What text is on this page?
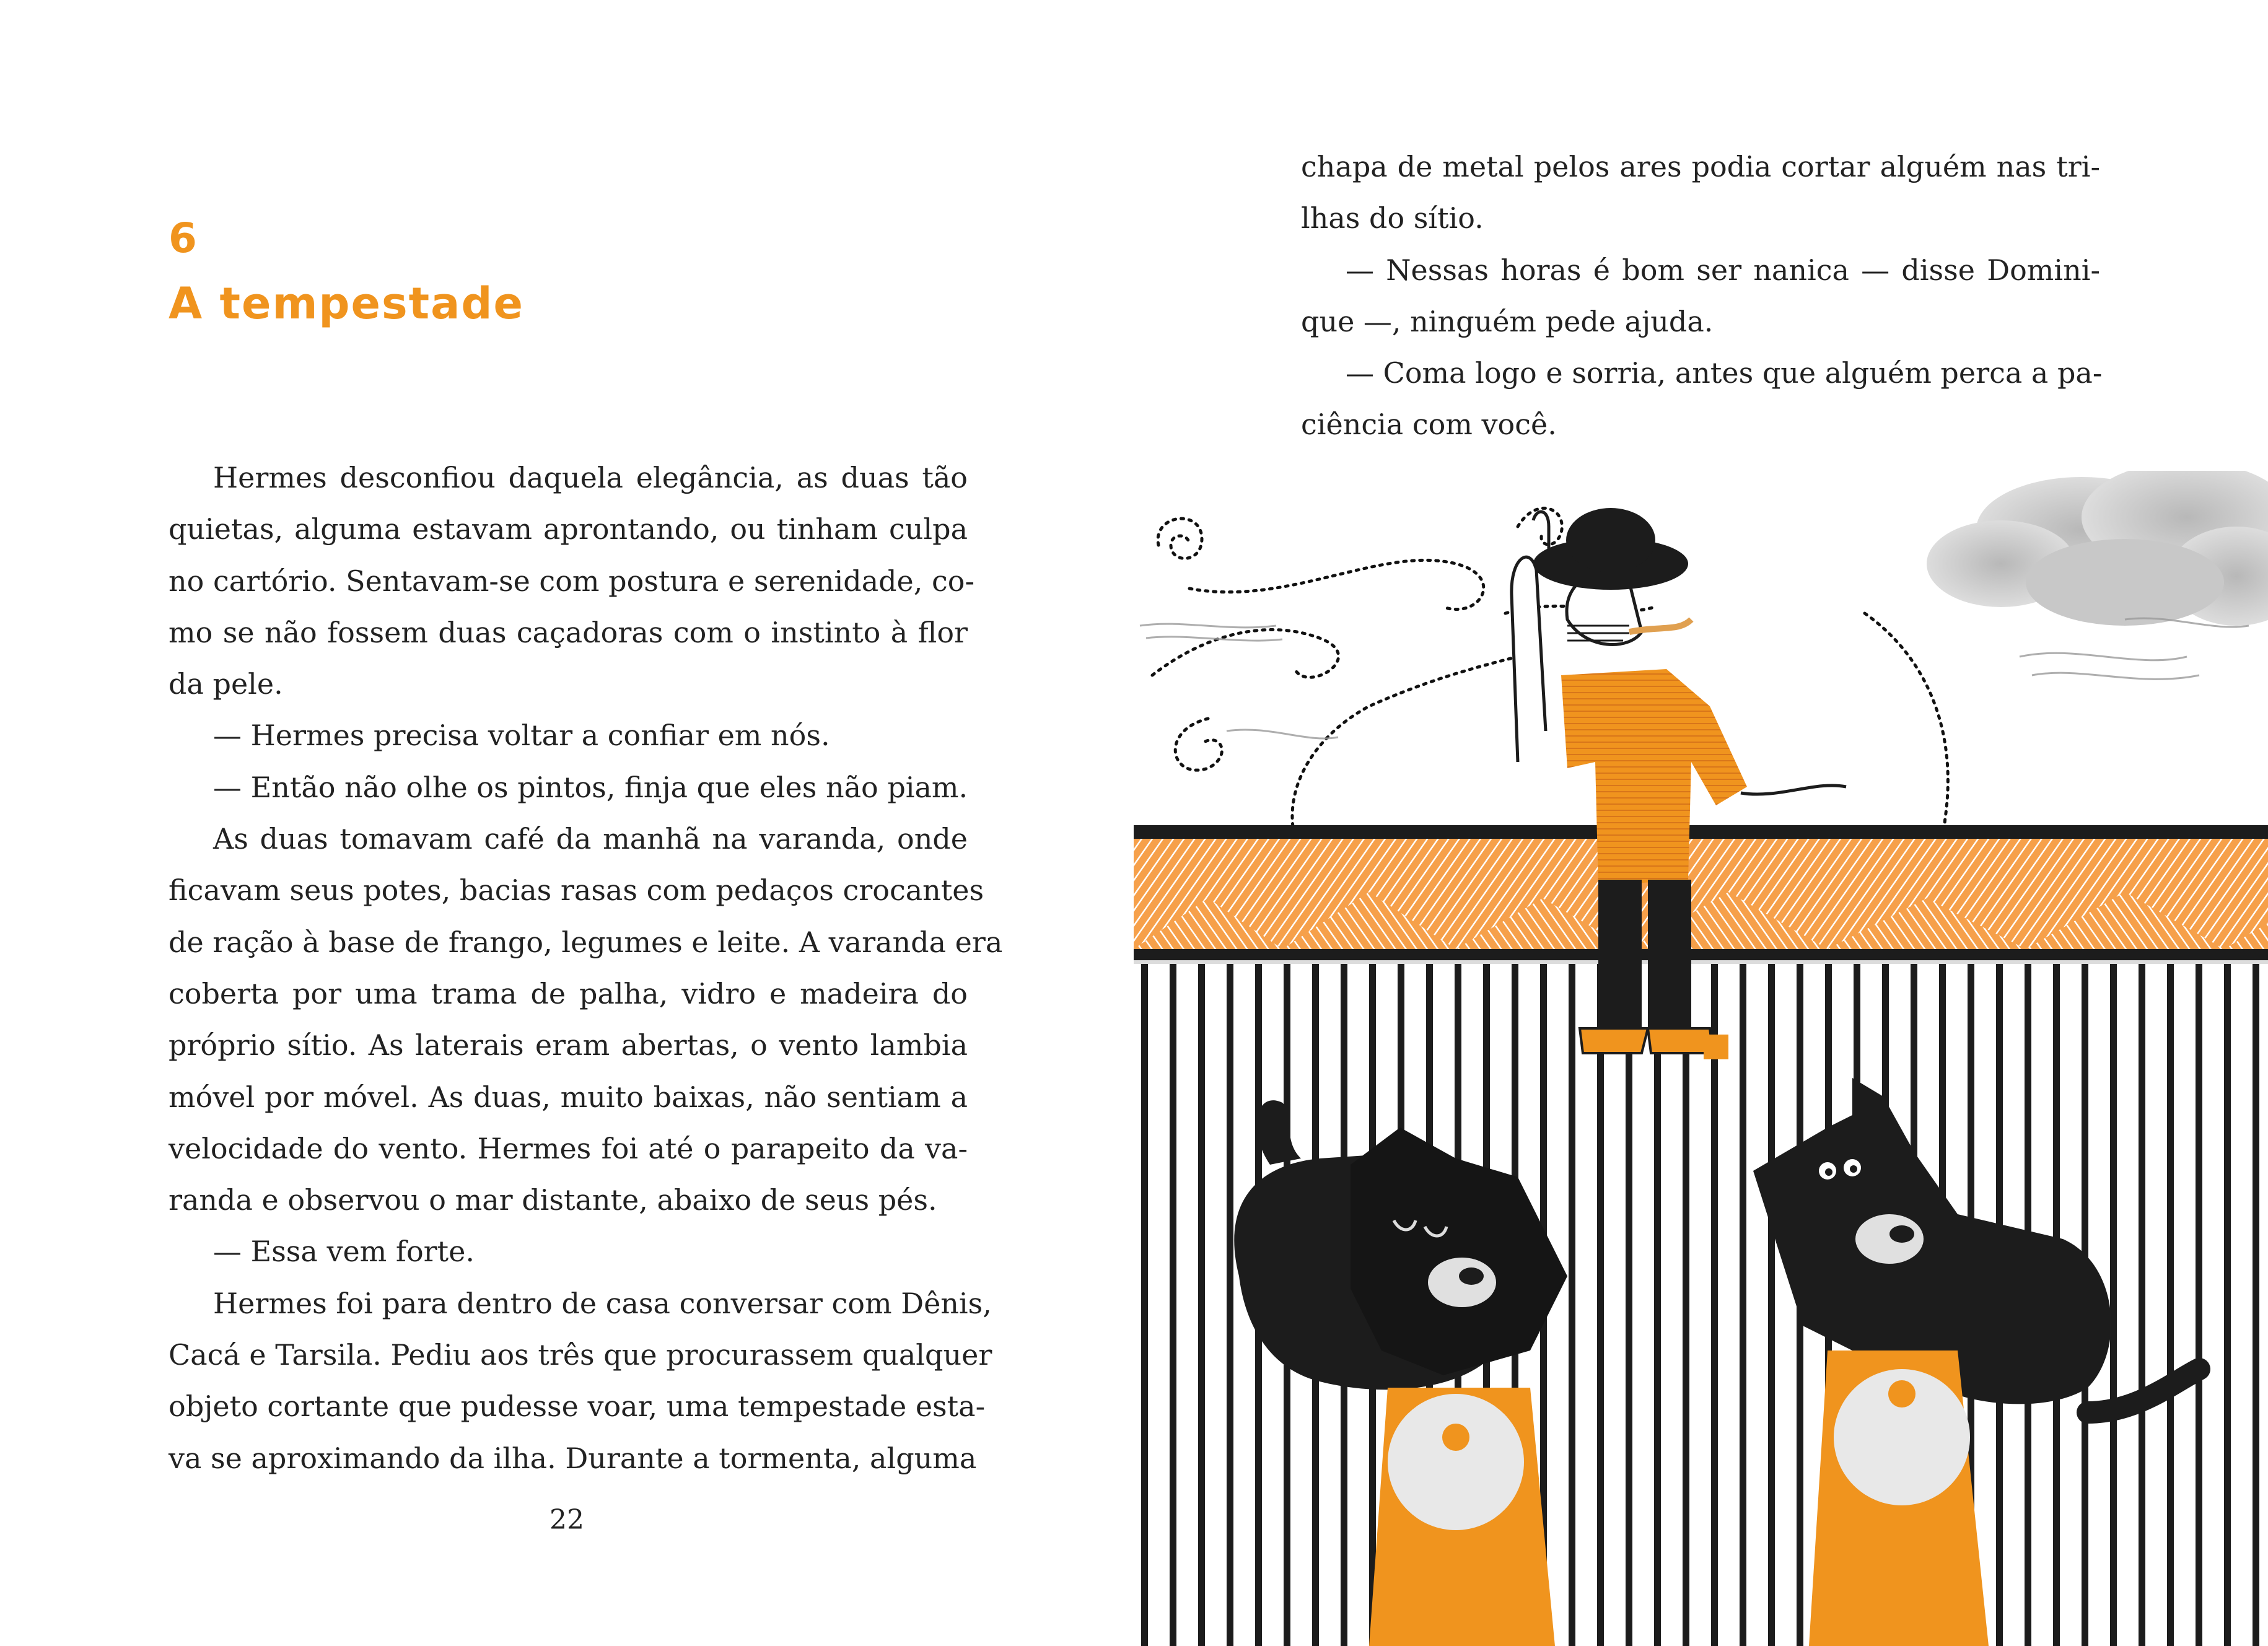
6
A tempestade

Hermes desconfiou daquela elegância, as duas tão

quietas, alguma estavam aprontando, ou tinham culpa

no cartório. Sentavam-se com postura e serenidade, co-

mo se não fossem duas caçadoras com o instinto à flor

da pele.

— Hermes precisa voltar a confiar em nós.

— Então não olhe os pintos, finja que eles não piam.

As duas tomavam café da manhã na varanda, onde

ficavam seus potes, bacias rasas com pedaços crocantes

de ração à base de frango, legumes e leite. A varanda era

coberta por uma trama de palha, vidro e madeira do

próprio sítio. As laterais eram abertas, o vento lambia

móvel por móvel. As duas, muito baixas, não sentiam a

velocidade do vento. Hermes foi até o parapeito da va-

randa e observou o mar distante, abaixo de seus pés.

— Essa vem forte.

Hermes foi para dentro de casa conversar com Dênis,

Cacá e Tarsila. Pediu aos três que procurassem qualquer

objeto cortante que pudesse voar, uma tempestade esta-

va se aproximando da ilha. Durante a tormenta, alguma

22

chapa de metal pelos ares podia cortar alguém nas tri-

lhas do sítio.

— Nessas horas é bom ser nanica — disse Domini-

que —, ninguém pede ajuda.

— Coma logo e sorria, antes que alguém perca a pa-

ciência com você.
